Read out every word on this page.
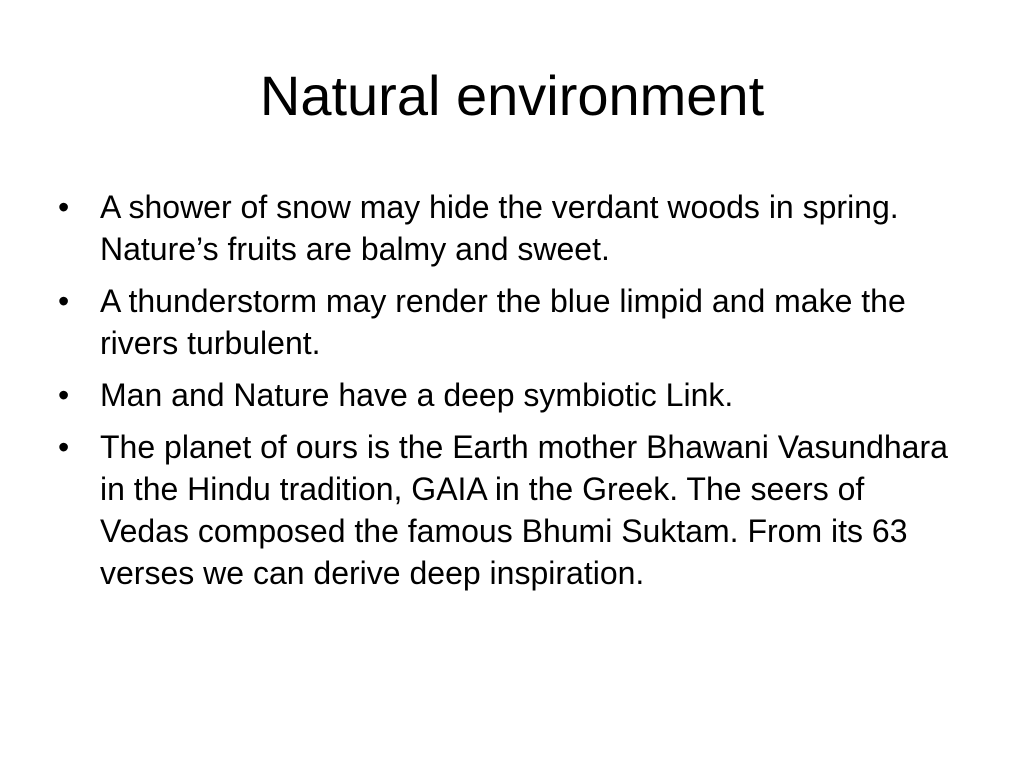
Natural environment
• A shower of snow may hide the verdant woods in spring. Nature’s fruits are balmy and sweet.
• A thunderstorm may render the blue limpid and make the rivers turbulent.
• Man and Nature have a deep symbiotic Link.
• The planet of ours is the Earth mother Bhawani Vasundhara in the Hindu tradition, GAIA in the Greek. The seers of Vedas composed the famous Bhumi Suktam. From its 63 verses we can derive deep inspiration.
